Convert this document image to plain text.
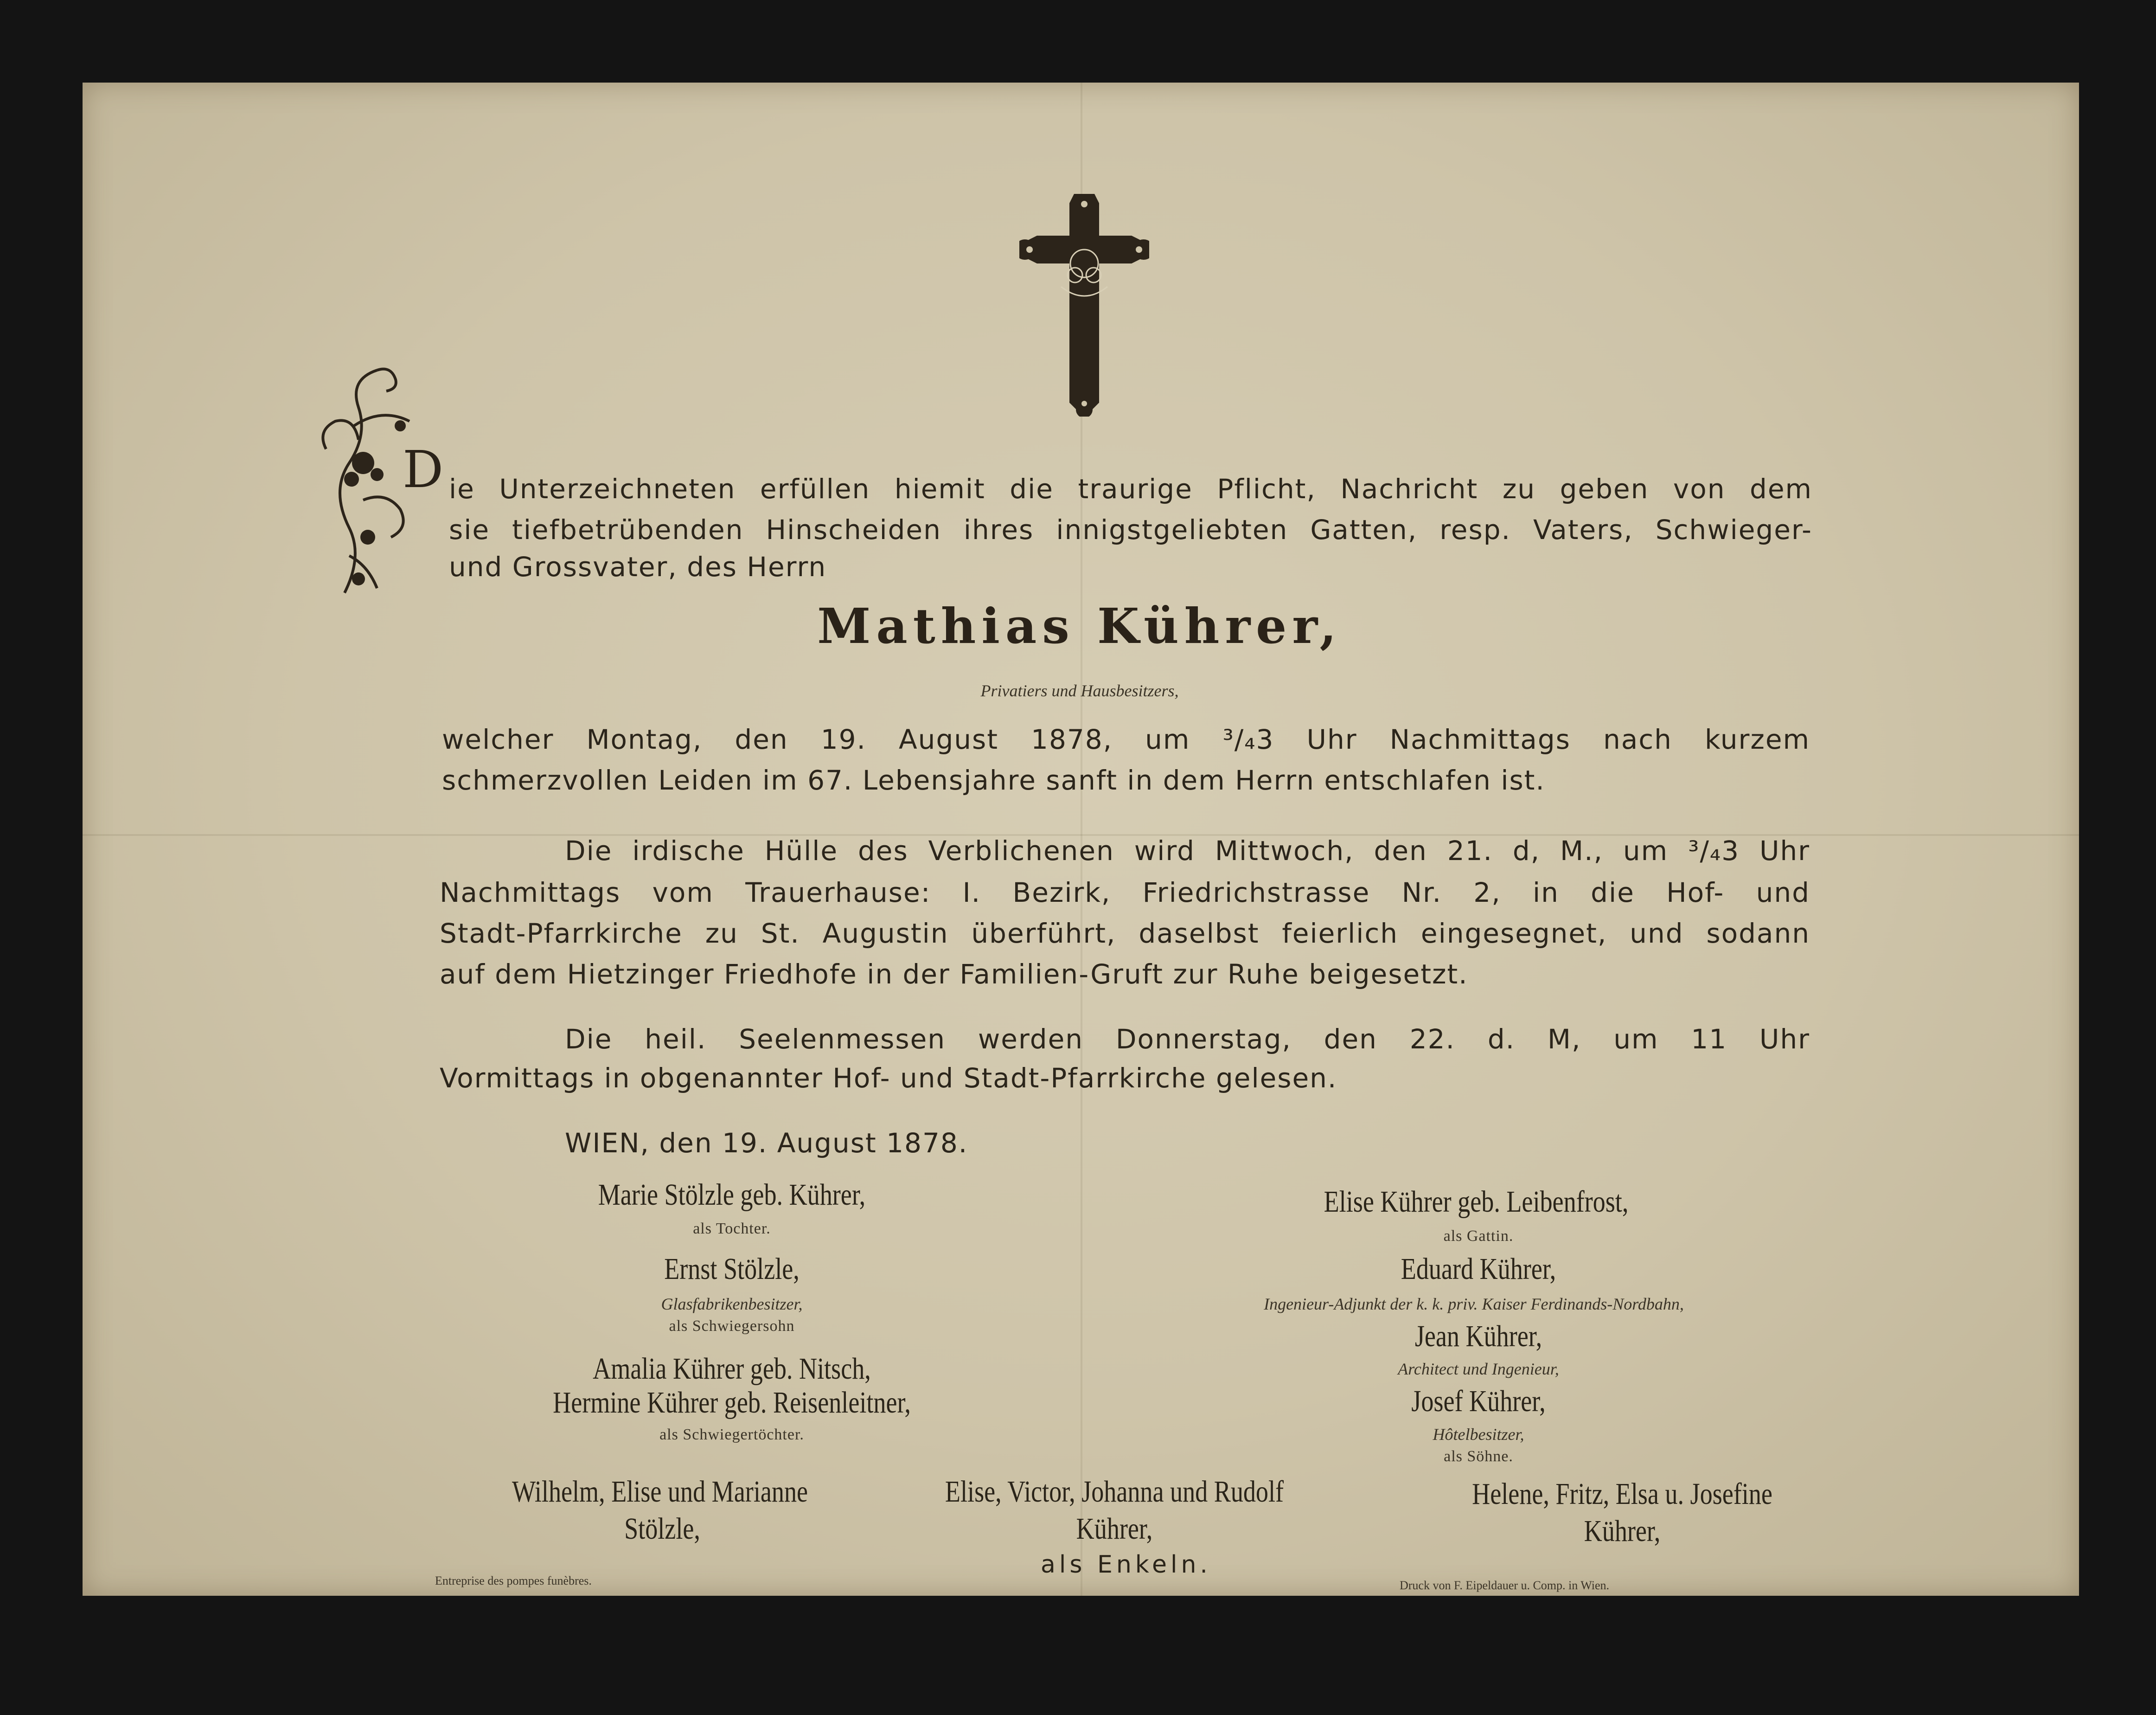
D ie Unterzeichneten erfüllen hiemit die traurige Pflicht, Nachricht zu geben von dem
sie tiefbetrübenden Hinscheiden ihres innigstgeliebten Gatten, resp. Vaters, Schwieger-
und Grossvater, des Herrn
Mathias Kührer,
Privatiers und Hausbesitzers,
welcher Montag, den 19. August 1878, um ³/₄3 Uhr Nachmittags nach kurzem
schmerzvollen Leiden im 67. Lebensjahre sanft in dem Herrn entschlafen ist.
Die irdische Hülle des Verblichenen wird Mittwoch, den 21. d, M., um ³/₄3 Uhr
Nachmittags vom Trauerhause: I. Bezirk, Friedrichstrasse Nr. 2, in die Hof- und
Stadt-Pfarrkirche zu St. Augustin überführt, daselbst feierlich eingesegnet, und sodann
auf dem Hietzinger Friedhofe in der Familien-Gruft zur Ruhe beigesetzt.
Die heil. Seelenmessen werden Donnerstag, den 22. d. M, um 11 Uhr
Vormittags in obgenannter Hof- und Stadt-Pfarrkirche gelesen.
WIEN, den 19. August 1878.
Marie Stölzle geb. Kührer,
als Tochter.
Ernst Stölzle,
Glasfabrikenbesitzer,
als Schwiegersohn
Amalia Kührer geb. Nitsch,
Hermine Kührer geb. Reisenleitner,
als Schwiegertöchter.
Elise Kührer geb. Leibenfrost,
als Gattin.
Eduard Kührer,
Ingenieur-Adjunkt der k. k. priv. Kaiser Ferdinands-Nordbahn,
Jean Kührer,
Architect und Ingenieur,
Josef Kührer,
Hôtelbesitzer,
als Söhne.
Wilhelm, Elise und Marianne
Stölzle,
Elise, Victor, Johanna und Rudolf
Kührer,
Helene, Fritz, Elsa u. Josefine
Kührer,
als Enkeln.
Entreprise des pompes funèbres.	Druck von F. Eipeldauer u. Comp. in Wien.
